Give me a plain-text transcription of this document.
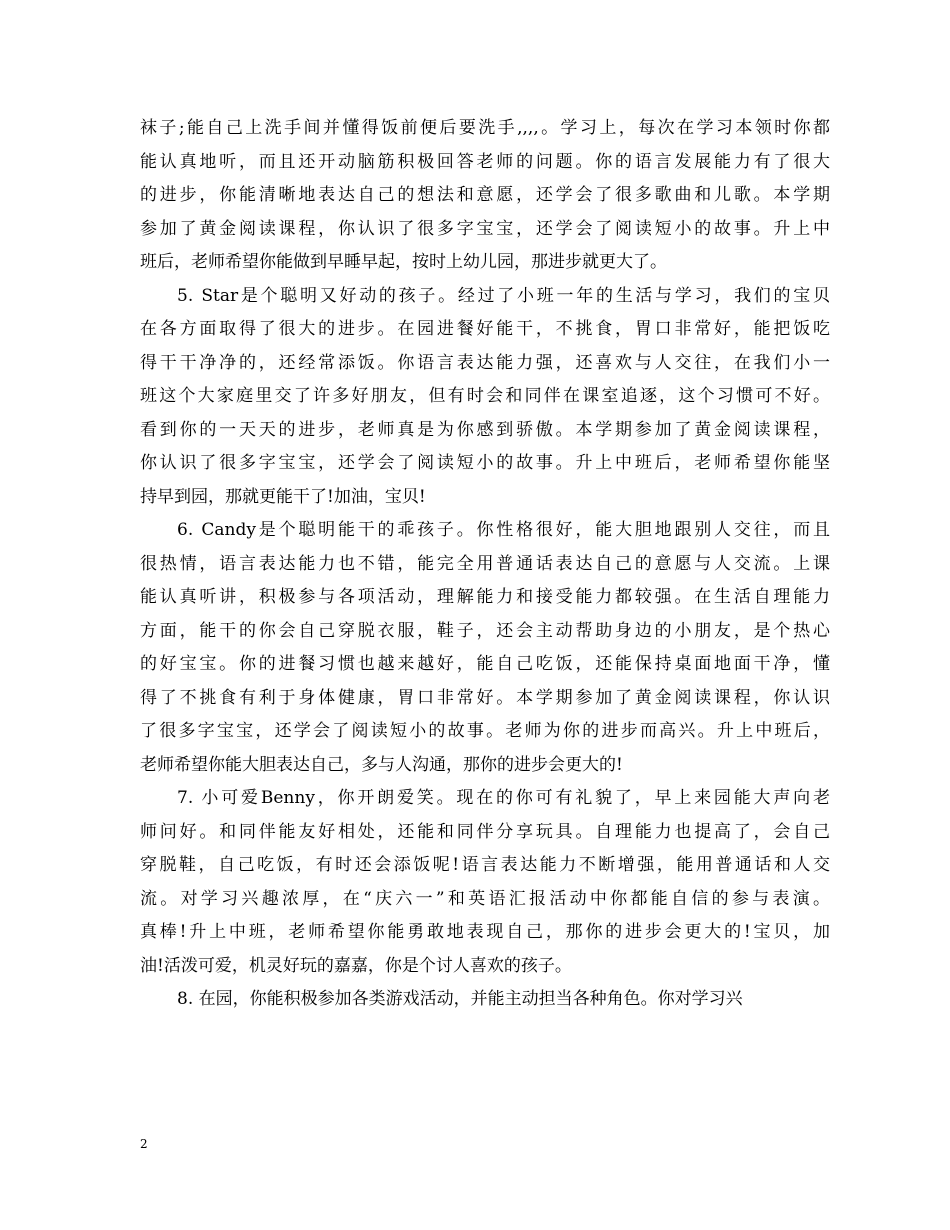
袜子;能自己上洗手间并懂得饭前便后要洗手,,,,。学习上，每次在学习本领时你都
能认真地听，而且还开动脑筋积极回答老师的问题。你的语言发展能力有了很大
的进步，你能清晰地表达自己的想法和意愿，还学会了很多歌曲和儿歌。本学期
参加了黄金阅读课程，你认识了很多字宝宝，还学会了阅读短小的故事。升上中
班后，老师希望你能做到早睡早起，按时上幼儿园，那进步就更大了。
5. Star是个聪明又好动的孩子。经过了小班一年的生活与学习，我们的宝贝
在各方面取得了很大的进步。在园进餐好能干，不挑食，胃口非常好，能把饭吃
得干干净净的，还经常添饭。你语言表达能力强，还喜欢与人交往，在我们小一
班这个大家庭里交了许多好朋友，但有时会和同伴在课室追逐，这个习惯可不好。
看到你的一天天的进步，老师真是为你感到骄傲。本学期参加了黄金阅读课程，
你认识了很多字宝宝，还学会了阅读短小的故事。升上中班后，老师希望你能坚
持早到园，那就更能干了!加油，宝贝!
6. Candy是个聪明能干的乖孩子。你性格很好，能大胆地跟别人交往，而且
很热情，语言表达能力也不错，能完全用普通话表达自己的意愿与人交流。上课
能认真听讲，积极参与各项活动，理解能力和接受能力都较强。在生活自理能力
方面，能干的你会自己穿脱衣服，鞋子，还会主动帮助身边的小朋友，是个热心
的好宝宝。你的进餐习惯也越来越好，能自己吃饭，还能保持桌面地面干净，懂
得了不挑食有利于身体健康，胃口非常好。本学期参加了黄金阅读课程，你认识
了很多字宝宝，还学会了阅读短小的故事。老师为你的进步而高兴。升上中班后，
老师希望你能大胆表达自己，多与人沟通，那你的进步会更大的!
7. 小可爱Benny，你开朗爱笑。现在的你可有礼貌了，早上来园能大声向老
师问好。和同伴能友好相处，还能和同伴分享玩具。自理能力也提高了，会自己
穿脱鞋，自己吃饭，有时还会添饭呢!语言表达能力不断增强，能用普通话和人交
流。对学习兴趣浓厚，在“庆六一”和英语汇报活动中你都能自信的参与表演。
真棒!升上中班，老师希望你能勇敢地表现自己，那你的进步会更大的!宝贝，加
油!活泼可爱，机灵好玩的嘉嘉，你是个讨人喜欢的孩子。
8. 在园，你能积极参加各类游戏活动，并能主动担当各种角色。你对学习兴
2
